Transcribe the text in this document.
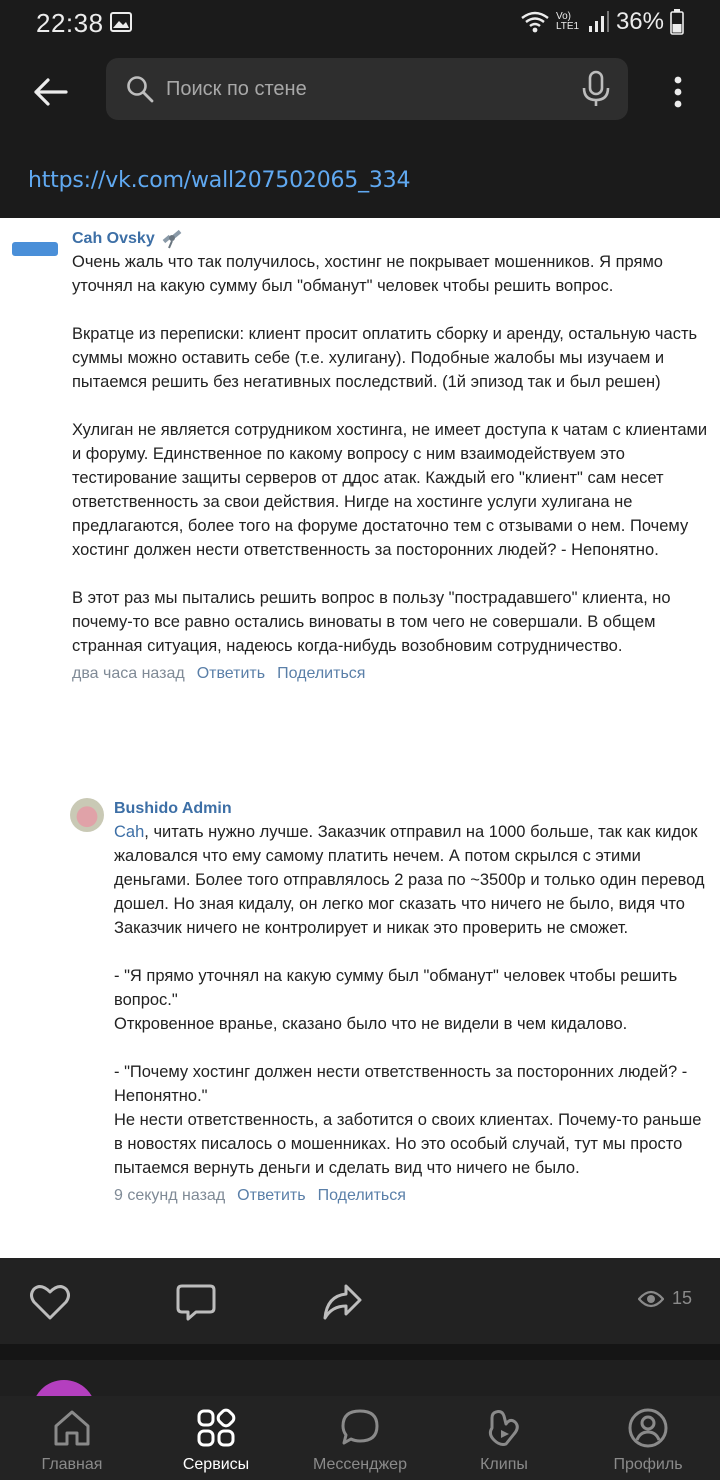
22:38	Vo) LTE1 36%
Поиск по стене
https://vk.com/wall207502065_334
Cah Ovsky

Очень жаль что так получилось, хостинг не покрывает мошенников. Я прямо уточнял на какую сумму был "обманут" человек чтобы решить вопрос.

Вкратце из переписки: клиент просит оплатить сборку и аренду, остальную часть суммы можно оставить себе (т.е. хулигану). Подобные жалобы мы изучаем и пытаемся решить без негативных последствий. (1й эпизод так и был решен)

Хулиган не является сотрудником хостинга, не имеет доступа к чатам с клиентами и форуму. Единственное по какому вопросу с ним взаимодействуем это тестирование защиты серверов от ддос атак. Каждый его "клиент" сам несет ответственность за свои действия. Нигде на хостинге услуги хулигана не предлагаются, более того на форуме достаточно тем с отзывами о нем. Почему хостинг должен нести ответственность за посторонних людей? - Непонятно.

В этот раз мы пытались решить вопрос в пользу "пострадавшего" клиента, но почему-то все равно остались виноваты в том чего не совершали. В общем странная ситуация, надеюсь когда-нибудь возобновим сотрудничество.

два часа назад Ответить Поделиться
Bushido Admin

Cah, читать нужно лучше. Заказчик отправил на 1000 больше, так как кидок жаловался что ему самому платить нечем. А потом скрылся с этими деньгами. Более того отправлялось 2 раза по ~3500р и только один перевод дошел. Но зная кидалу, он легко мог сказать что ничего не было, видя что Заказчик ничего не контролирует и никак это проверить не сможет.

- "Я прямо уточнял на какую сумму был "обманут" человек чтобы решить вопрос."

Откровенное вранье, сказано было что не видели в чем кидалово.

- "Почему хостинг должен нести ответственность за посторонних людей? - Непонятно."

Не нести ответственность, а заботится о своих клиентах. Почему-то раньше в новостях писалось о мошенниках. Но это особый случай, тут мы просто пытаемся вернуть деньги и сделать вид что ничего не было.

9 секунд назад Ответить Поделиться
15
Главная	Сервисы	Мессенджер	Клипы	Профиль
